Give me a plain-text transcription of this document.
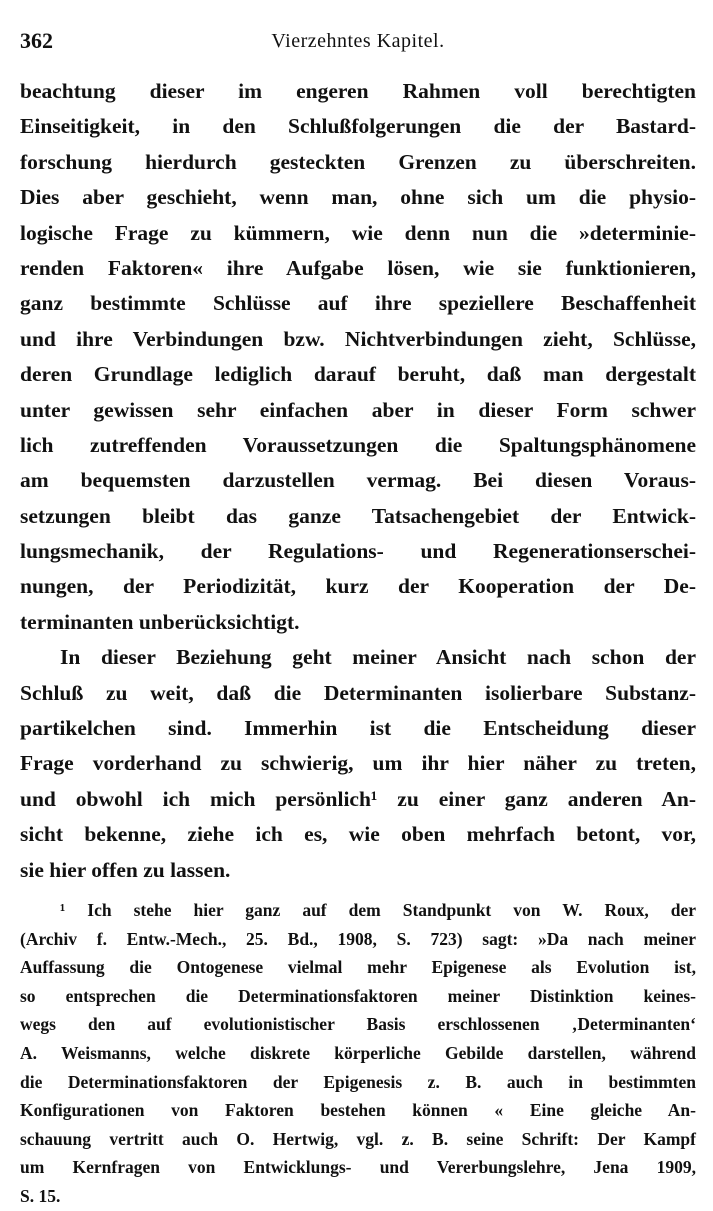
362	Vierzehntes Kapitel.
beachtung dieser im engeren Rahmen voll berechtigten
Einseitigkeit, in den Schlußfolgerungen die der Bastard-
forschung hierdurch gesteckten Grenzen zu überschreiten.
Dies aber geschieht, wenn man, ohne sich um die physio-
logische Frage zu kümmern, wie denn nun die »determinie-
renden Faktoren« ihre Aufgabe lösen, wie sie funktionieren,
ganz bestimmte Schlüsse auf ihre speziellere Beschaffenheit
und ihre Verbindungen bzw. Nichtverbindungen zieht, Schlüsse,
deren Grundlage lediglich darauf beruht, daß man dergestalt
unter gewissen sehr einfachen aber in dieser Form schwer
lich zutreffenden Voraussetzungen die Spaltungsphänomene
am bequemsten darzustellen vermag. Bei diesen Voraus-
setzungen bleibt das ganze Tatsachengebiet der Entwick-
lungsmechanik, der Regulations- und Regenerationserschei-
nungen, der Periodizität, kurz der Kooperation der De-
terminanten unberücksichtigt.
In dieser Beziehung geht meiner Ansicht nach schon der
Schluß zu weit, daß die Determinanten isolierbare Substanz-
partikelchen sind. Immerhin ist die Entscheidung dieser
Frage vorderhand zu schwierig, um ihr hier näher zu treten,
und obwohl ich mich persönlich¹ zu einer ganz anderen An-
sicht bekenne, ziehe ich es, wie oben mehrfach betont, vor,
sie hier offen zu lassen.
¹ Ich stehe hier ganz auf dem Standpunkt von W. Roux, der
(Archiv f. Entw.-Mech., 25. Bd., 1908, S. 723) sagt: »Da nach meiner
Auffassung die Ontogenese vielmal mehr Epigenese als Evolution ist,
so entsprechen die Determinationsfaktoren meiner Distinktion keines-
wegs den auf evolutionistischer Basis erschlossenen ‚Determinanten‘
A. Weismanns, welche diskrete körperliche Gebilde darstellen, während
die Determinationsfaktoren der Epigenesis z. B. auch in bestimmten
Konfigurationen von Faktoren bestehen können « Eine gleiche An-
schauung vertritt auch O. Hertwig, vgl. z. B. seine Schrift: Der Kampf
um Kernfragen von Entwicklungs- und Vererbungslehre, Jena 1909,
S. 15.
